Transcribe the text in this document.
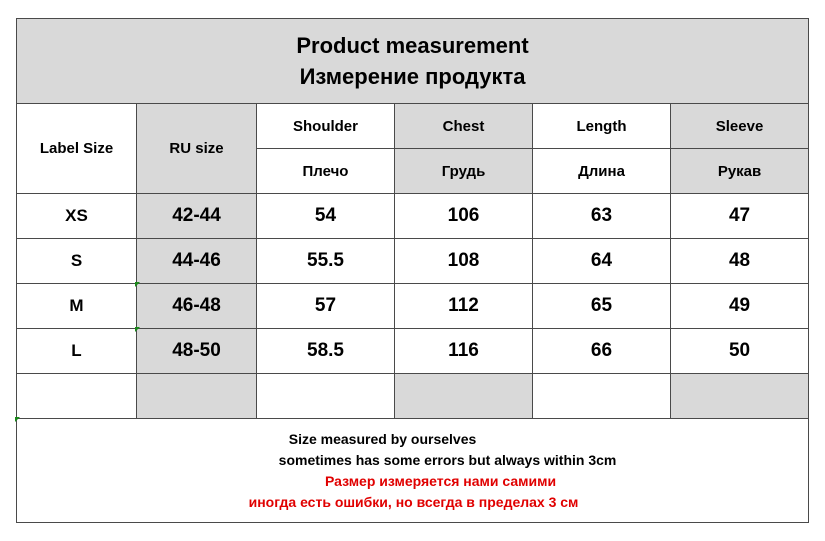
Product measurement
Измерение продукта					

Label Size	RU size	Shoulder	Chest	Length	Sleeve
		Плечо	Грудь	Длина	Рукав
XS	42-44	54	106	63	47
S	44-46	55.5	108	64	48
M	46-48	57	112	65	49
L	48-50	58.5	116	66	50

Size measured by ourselves
sometimes has some errors but always within 3cm
Размер измеряется нами самими
иногда есть ошибки, но всегда в пределах 3 см					
